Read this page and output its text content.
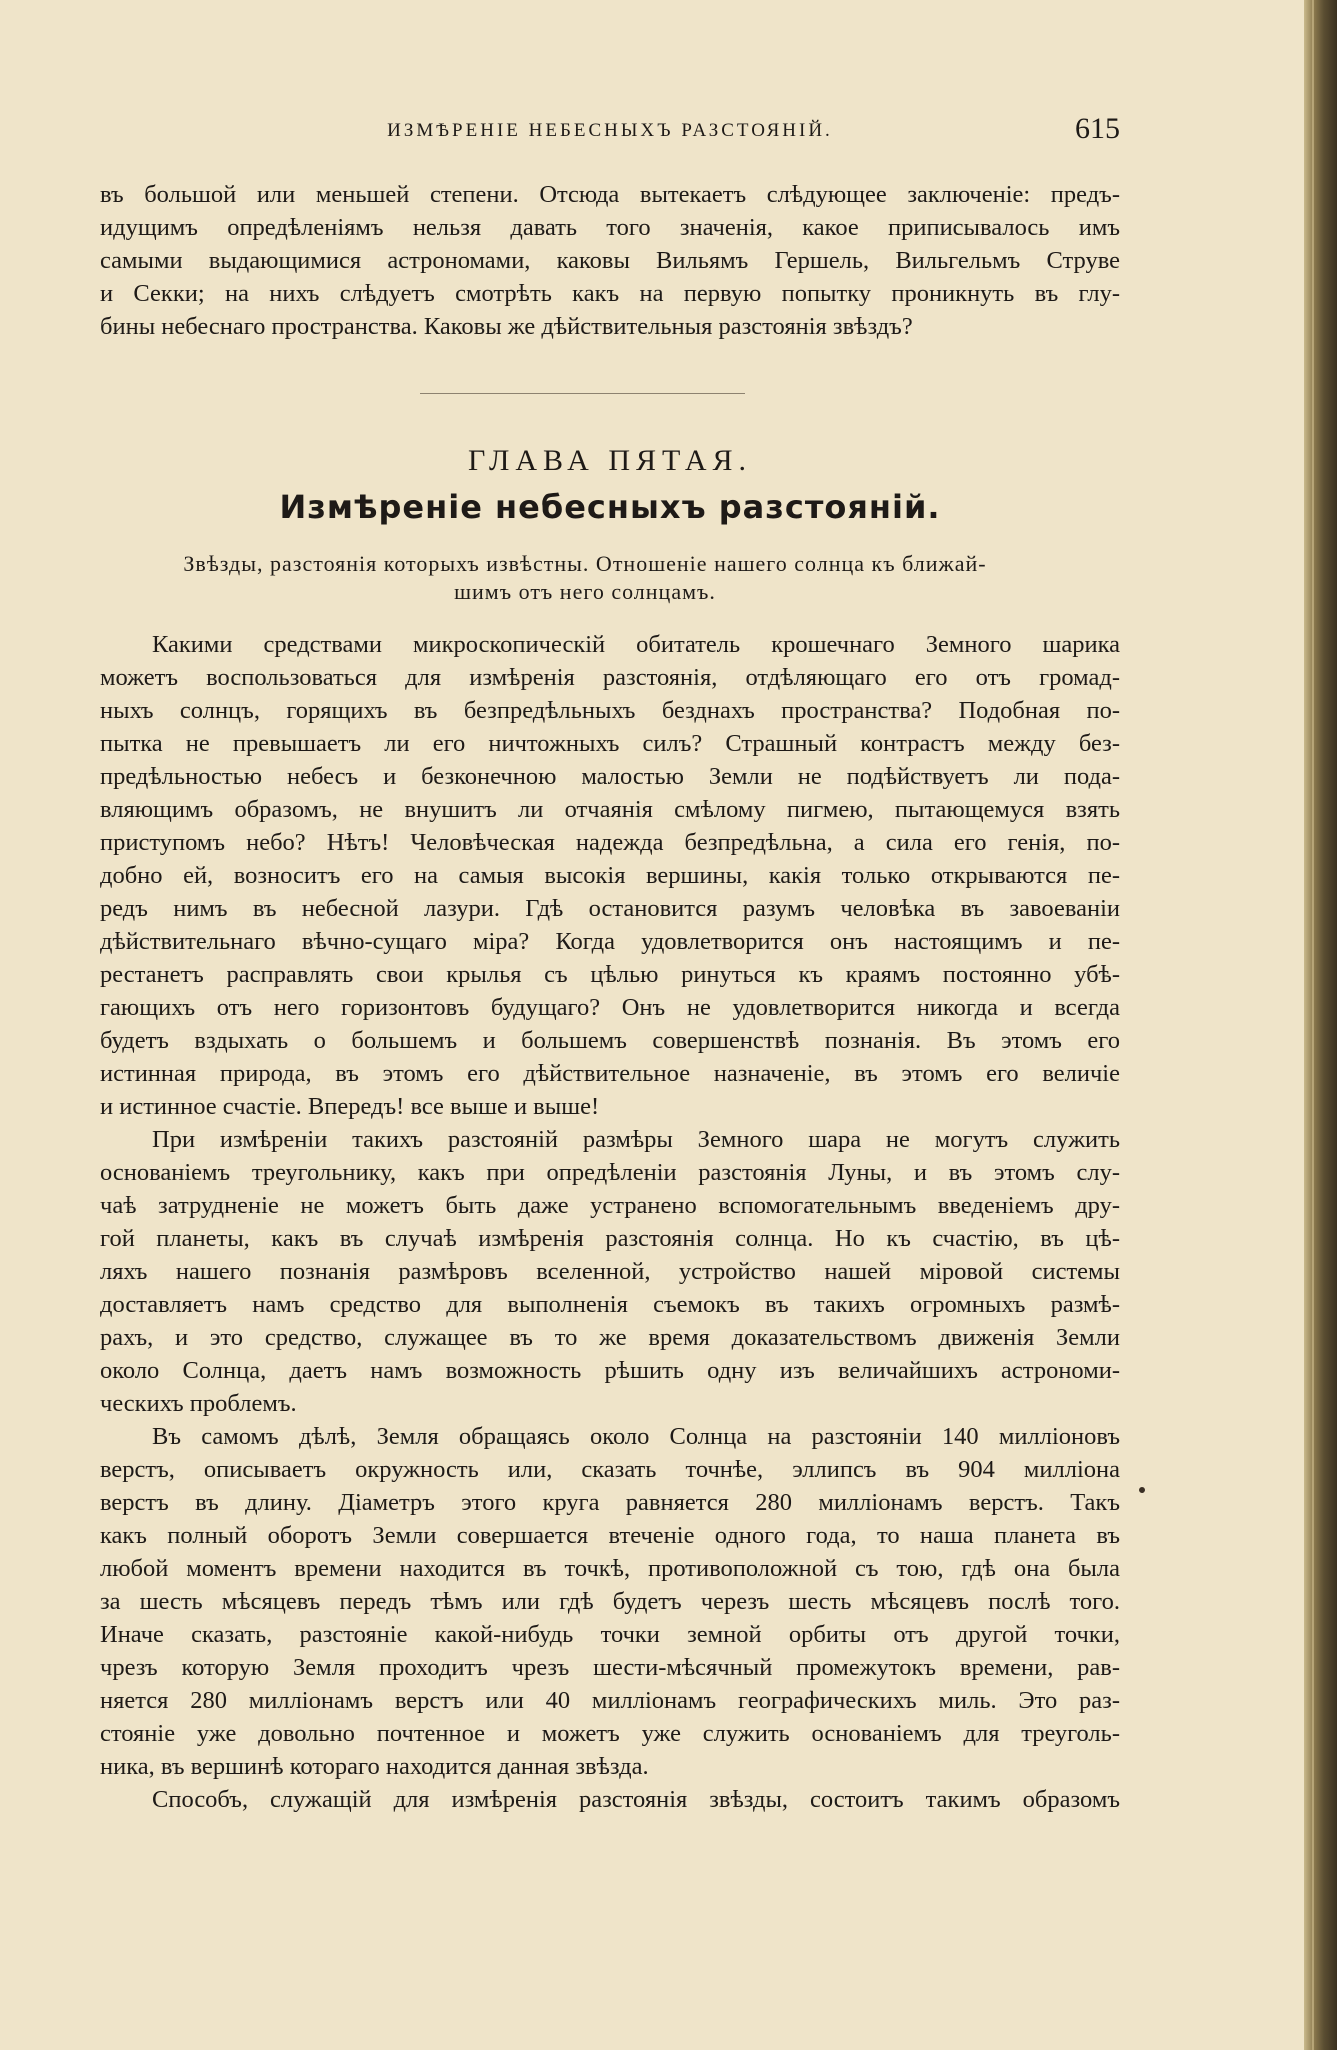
ИЗМѢРЕНІЕ НЕБЕСНЫХЪ РАЗСТОЯНІЙ.	615
въ большой или меньшей степени. Отсюда вытекаетъ слѣдующее заключеніе: предъ-
идущимъ опредѣленіямъ нельзя давать того значенія, какое приписывалось имъ
самыми выдающимися астрономами, каковы Вильямъ Гершель, Вильгельмъ Струве
и Секки; на нихъ слѣдуетъ смотрѣть какъ на первую попытку проникнуть въ глу-
бины небеснаго пространства. Каковы же дѣйствительныя разстоянія звѣздъ?
ГЛАВА ПЯТАЯ.
Измѣреніе небесныхъ разстояній.
Звѣзды, разстоянія которыхъ извѣстны. Отношеніе нашего солнца къ ближай-
шимъ отъ него солнцамъ.
Какими средствами микроскопическій обитатель крошечнаго Земного шарика
можетъ воспользоваться для измѣренія разстоянія, отдѣляющаго его отъ громад-
ныхъ солнцъ, горящихъ въ безпредѣльныхъ безднахъ пространства? Подобная по-
пытка не превышаетъ ли его ничтожныхъ силъ? Страшный контрастъ между без-
предѣльностью небесъ и безконечною малостью Земли не подѣйствуетъ ли пода-
вляющимъ образомъ, не внушитъ ли отчаянія смѣлому пигмею, пытающемуся взять
приступомъ небо? Нѣтъ! Человѣческая надежда безпредѣльна, а сила его генія, по-
добно ей, возноситъ его на самыя высокія вершины, какія только открываются пе-
редъ нимъ въ небесной лазури. Гдѣ остановится разумъ человѣка въ завоеваніи
дѣйствительнаго вѣчно-сущаго міра? Когда удовлетворится онъ настоящимъ и пе-
рестанетъ расправлять свои крылья съ цѣлью ринуться къ краямъ постоянно убѣ-
гающихъ отъ него горизонтовъ будущаго? Онъ не удовлетворится никогда и всегда
будетъ вздыхать о большемъ и большемъ совершенствѣ познанія. Въ этомъ его
истинная природа, въ этомъ его дѣйствительное назначеніе, въ этомъ его величіе
и истинное счастіе. Впередъ! все выше и выше!
При измѣреніи такихъ разстояній размѣры Земного шара не могутъ служить
основаніемъ треугольнику, какъ при опредѣленіи разстоянія Луны, и въ этомъ слу-
чаѣ затрудненіе не можетъ быть даже устранено вспомогательнымъ введеніемъ дру-
гой планеты, какъ въ случаѣ измѣренія разстоянія солнца. Но къ счастію, въ цѣ-
ляхъ нашего познанія размѣровъ вселенной, устройство нашей міровой системы
доставляетъ намъ средство для выполненія съемокъ въ такихъ огромныхъ размѣ-
рахъ, и это средство, служащее въ то же время доказательствомъ движенія Земли
около Солнца, даетъ намъ возможность рѣшить одну изъ величайшихъ астрономи-
ческихъ проблемъ.
Въ самомъ дѣлѣ, Земля обращаясь около Солнца на разстояніи 140 милліоновъ
верстъ, описываетъ окружность или, сказать точнѣе, эллипсъ въ 904 милліона
верстъ въ длину. Діаметръ этого круга равняется 280 милліонамъ верстъ. Такъ
какъ полный оборотъ Земли совершается втеченіе одного года, то наша планета въ
любой моментъ времени находится въ точкѣ, противоположной съ тою, гдѣ она была
за шесть мѣсяцевъ передъ тѣмъ или гдѣ будетъ черезъ шесть мѣсяцевъ послѣ того.
Иначе сказать, разстояніе какой-нибудь точки земной орбиты отъ другой точки,
чрезъ которую Земля проходитъ чрезъ шести-мѣсячный промежутокъ времени, рав-
няется 280 милліонамъ верстъ или 40 милліонамъ географическихъ миль. Это раз-
стояніе уже довольно почтенное и можетъ уже служить основаніемъ для треуголь-
ника, въ вершинѣ котораго находится данная звѣзда.
Способъ, служащій для измѣренія разстоянія звѣзды, состоитъ такимъ образомъ
